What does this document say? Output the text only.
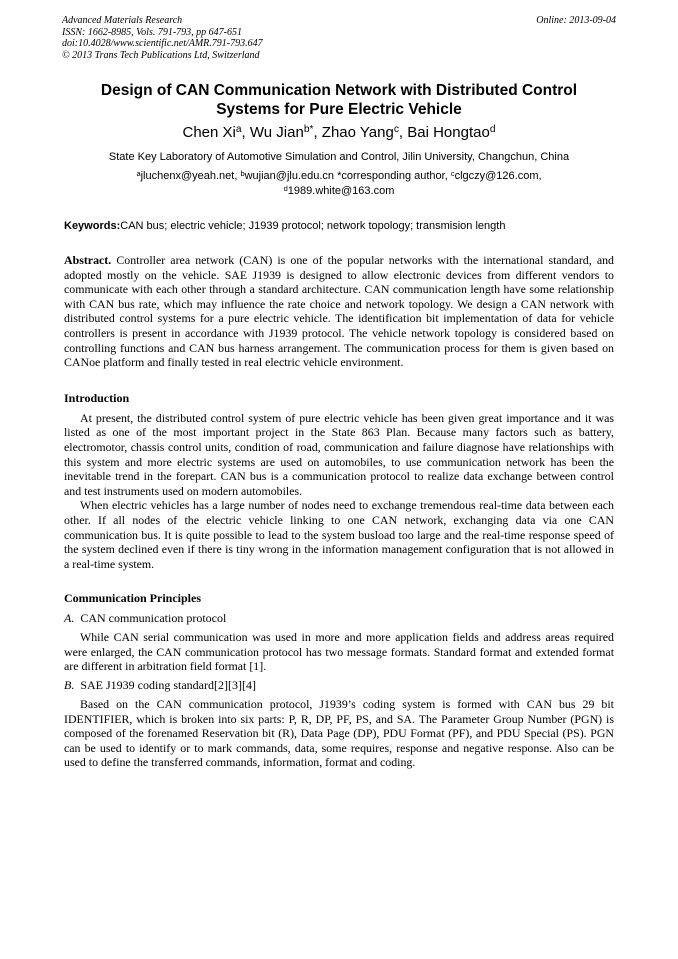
Advanced Materials Research
ISSN: 1662-8985, Vols. 791-793, pp 647-651
doi:10.4028/www.scientific.net/AMR.791-793.647
© 2013 Trans Tech Publications Ltd, Switzerland
Online: 2013-09-04
Design of CAN Communication Network with Distributed Control
Systems for Pure Electric Vehicle
Chen Xi$^a$, Wu Jian$^{b*}$, Zhao Yang$^c$, Bai Hongtao$^d$
State Key Laboratory of Automotive Simulation and Control, Jilin University, Changchun, China
$^a$jluchenx@yeah.net, $^b$wujian@jlu.edu.cn *corresponding author, $^c$clgczy@126.com,
$^d$1989.white@163.com
Keywords:CAN bus; electric vehicle; J1939 protocol; network topology; transmision length

Abstract. Controller area network (CAN) is one of the popular networks with the international standard, and adopted mostly on the vehicle. SAE J1939 is designed to allow electronic devices from different vendors to communicate with each other through a standard architecture. CAN communication length have some relationship with CAN bus rate, which may influence the rate choice and network topology. We design a CAN network with distributed control systems for a pure electric vehicle. The identification bit implementation of data for vehicle controllers is present in accordance with J1939 protocol. The vehicle network topology is considered based on controlling functions and CAN bus harness arrangement. The communication process for them is given based on CANoe platform and finally tested in real electric vehicle environment.

Introduction

At present, the distributed control system of pure electric vehicle has been given great importance and it was listed as one of the most important project in the State 863 Plan. Because many factors such as battery, electromotor, chassis control units, condition of road, communication and failure diagnose have relationships with this system and more electric systems are used on automobiles, to use communication network has been the inevitable trend in the forepart. CAN bus is a communication protocol to realize data exchange between control and test instruments used on modern automobiles.

When electric vehicles has a large number of nodes need to exchange tremendous real-time data between each other. If all nodes of the electric vehicle linking to one CAN network, exchanging data via one CAN communication bus. It is quite possible to lead to the system busload too large and the real-time response speed of the system declined even if there is tiny wrong in the information management configuration that is not allowed in a real-time system.

Communication Principles
A. CAN communication protocol

While CAN serial communication was used in more and more application fields and address areas required were enlarged, the CAN communication protocol has two message formats. Standard format and extended format are different in arbitration field format [1].

B. SAE J1939 coding standard[2][3][4]

Based on the CAN communication protocol, J1939’s coding system is formed with CAN bus 29 bit IDENTIFIER, which is broken into six parts: P, R, DP, PF, PS, and SA. The Parameter Group Number (PGN) is composed of the forenamed Reservation bit (R), Data Page (DP), PDU Format (PF), and PDU Special (PS). PGN can be used to identify or to mark commands, data, some requires, response and negative response. Also can be used to define the transferred commands, information, format and coding.
